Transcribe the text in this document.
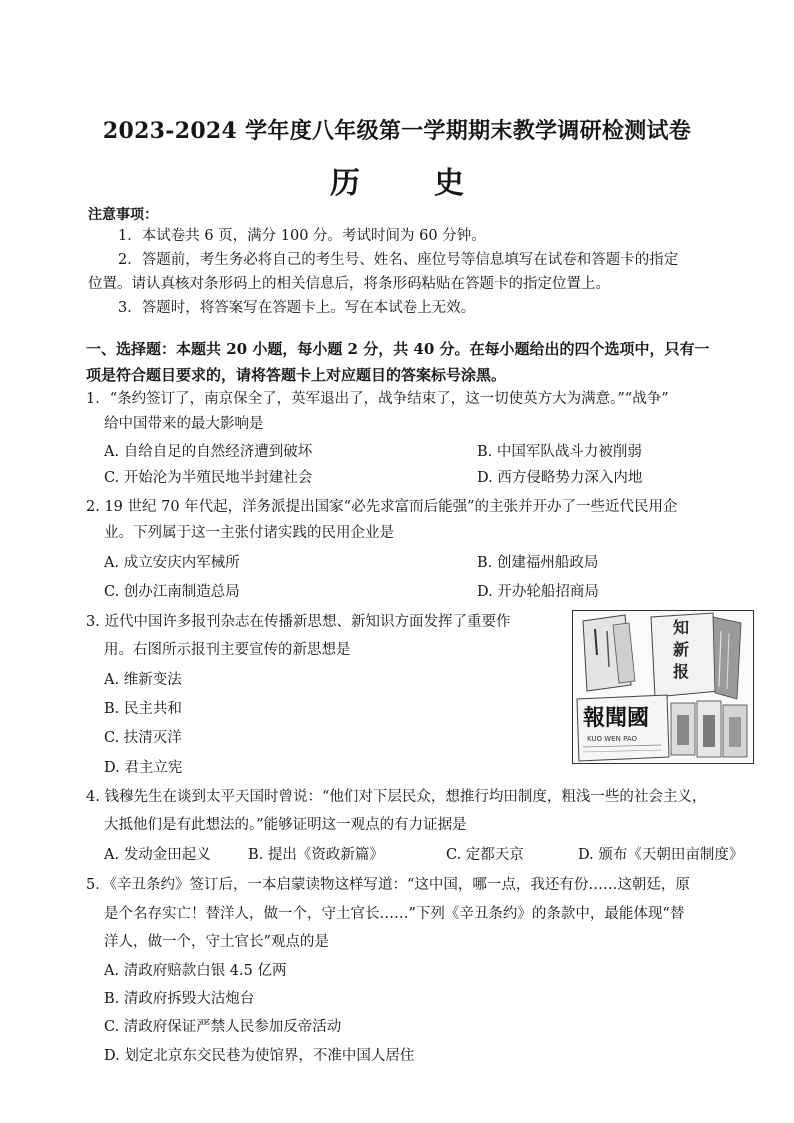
2023-2024 学年度八年级第一学期期末教学调研检测试卷
历　史
注意事项：
1．本试卷共 6 页，满分 100 分。考试时间为 60 分钟。
2．答题前，考生务必将自己的考生号、姓名、座位号等信息填写在试卷和答题卡的指定
位置。请认真核对条形码上的相关信息后，将条形码粘贴在答题卡的指定位置上。
3．答题时，将答案写在答题卡上。写在本试卷上无效。
一、选择题：本题共 20 小题，每小题 2 分，共 40 分。在每小题给出的四个选项中，只有一
项是符合题目要求的，请将答题卡上对应题目的答案标号涂黑。
1．“条约签订了，南京保全了，英军退出了，战争结束了，这一切使英方大为满意。”“战争”
给中国带来的最大影响是
A. 自给自足的自然经济遭到破坏	B. 中国军队战斗力被削弱
C. 开始沦为半殖民地半封建社会	D. 西方侵略势力深入内地
2. 19 世纪 70 年代起，洋务派提出国家“必先求富而后能强”的主张并开办了一些近代民用企
业。下列属于这一主张付诸实践的民用企业是
A. 成立安庆内军械所	B. 创建福州船政局
C. 创办江南制造总局	D. 开办轮船招商局
3. 近代中国许多报刊杂志在传播新思想、新知识方面发挥了重要作
用。右图所示报刊主要宣传的新思想是
A. 维新变法
B. 民主共和
C. 扶清灭洋
D. 君主立宪
知
新
报
報聞國
KUO WEN PAO
4. 钱穆先生在谈到太平天国时曾说：“他们对下层民众，想推行均田制度，粗浅一些的社会主义，
大抵他们是有此想法的。”能够证明这一观点的有力证据是
A. 发动金田起义	B. 提出《资政新篇》	C. 定都天京	D. 颁布《天朝田亩制度》
5．《辛丑条约》签订后，一本启蒙读物这样写道：“这中国，哪一点，我还有份……这朝廷，原
是个名存实亡！替洋人，做一个，守土官长……”下列《辛丑条约》的条款中，最能体现“替
洋人，做一个，守土官长”观点的是
A. 清政府赔款白银 4.5 亿两
B. 清政府拆毁大沽炮台
C. 清政府保证严禁人民参加反帝活动
D. 划定北京东交民巷为使馆界，不准中国人居住
